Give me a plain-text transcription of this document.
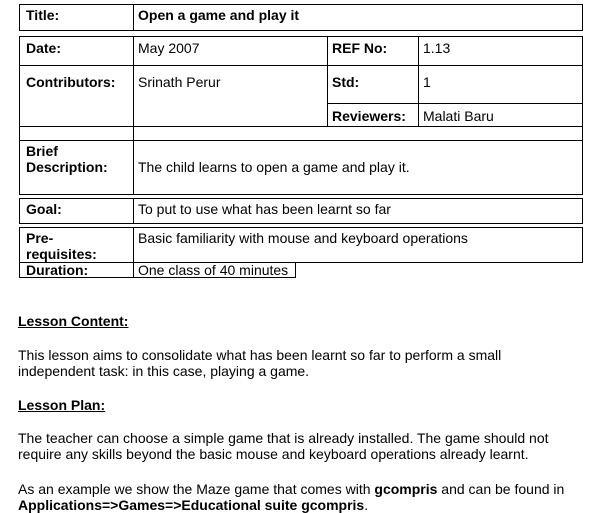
Title:	Open a game and play it
Date:	May 2007	REF No:	1.13
Contributors: Srinath Perur	Std:	1
Reviewers: Malati Baru
Brief
Description: The child learns to open a game and play it.
Goal:	To put to use what has been learnt so far
Pre-
requisites:
Basic familiarity with mouse and keyboard operations
Duration:	One class of 40 minutes
Lesson Content:
This lesson aims to consolidate what has been learnt so far to perform a small
independent task: in this case, playing a game.
Lesson Plan:
The teacher can choose a simple game that is already installed. The game should not
require any skills beyond the basic mouse and keyboard operations already learnt.
As an example we show the Maze game that comes with gcompris and can be found in
Applications=>Games=>Educational suite gcompris.
